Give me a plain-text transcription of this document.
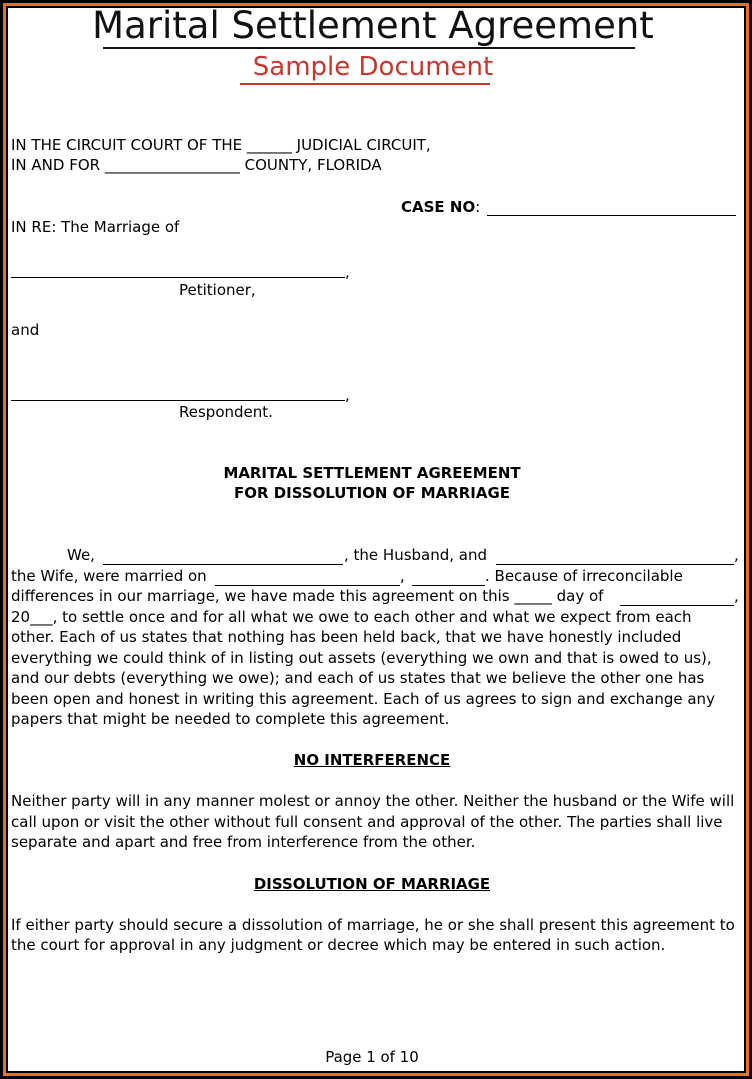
Marital Settlement Agreement
Sample Document
IN THE CIRCUIT COURT OF THE ______ JUDICIAL CIRCUIT,
IN AND FOR __________________ COUNTY, FLORIDA
CASE NO:
IN RE: The Marriage of
,
Petitioner,
and
,
Respondent.
MARITAL SETTLEMENT AGREEMENT
FOR DISSOLUTION OF MARRIAGE
We,	, the Husband, and	,
the Wife, were married on	,	. Because of irreconcilable
differences in our marriage, we have made this agreement on this _____ day of	,
20___, to settle once and for all what we owe to each other and what we expect from each
other. Each of us states that nothing has been held back, that we have honestly included
everything we could think of in listing out assets (everything we own and that is owed to us),
and our debts (everything we owe); and each of us states that we believe the other one has
been open and honest in writing this agreement. Each of us agrees to sign and exchange any
papers that might be needed to complete this agreement.
NO INTERFERENCE
Neither party will in any manner molest or annoy the other. Neither the husband or the Wife will
call upon or visit the other without full consent and approval of the other. The parties shall live
separate and apart and free from interference from the other.
DISSOLUTION OF MARRIAGE
If either party should secure a dissolution of marriage, he or she shall present this agreement to
the court for approval in any judgment or decree which may be entered in such action.
Page 1 of 10
